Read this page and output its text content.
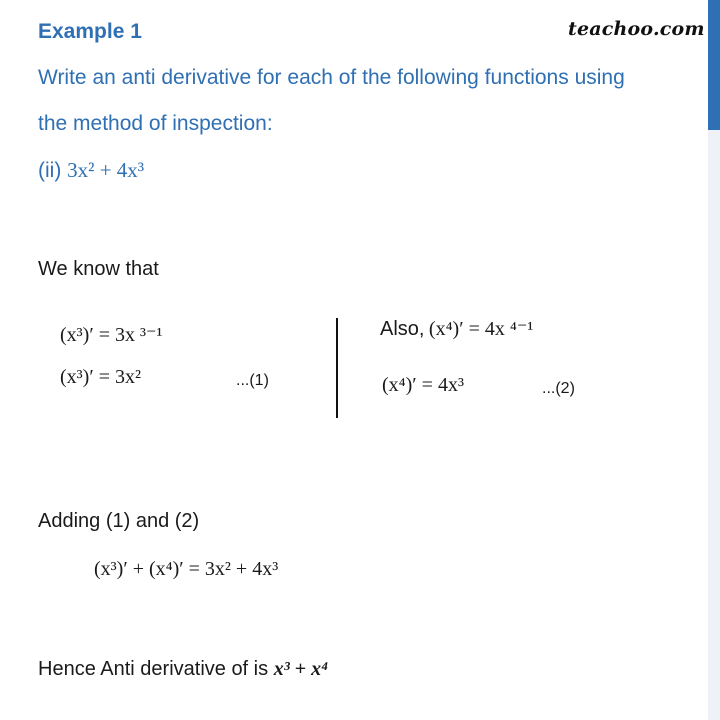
Example 1	teachoo.com
Write an anti derivative for each of the following functions using
the method of inspection:
(ii) 3x² + 4x³
We know that
(x³)′ = 3x ³⁻¹
(x³)′ = 3x²	...(1)
Also, (x⁴)′ = 4x ⁴⁻¹
(x⁴)′ = 4x³	...(2)
Adding (1) and (2)
(x³)′ + (x⁴)′ = 3x² + 4x³
Hence Anti derivative of is x³ + x⁴
